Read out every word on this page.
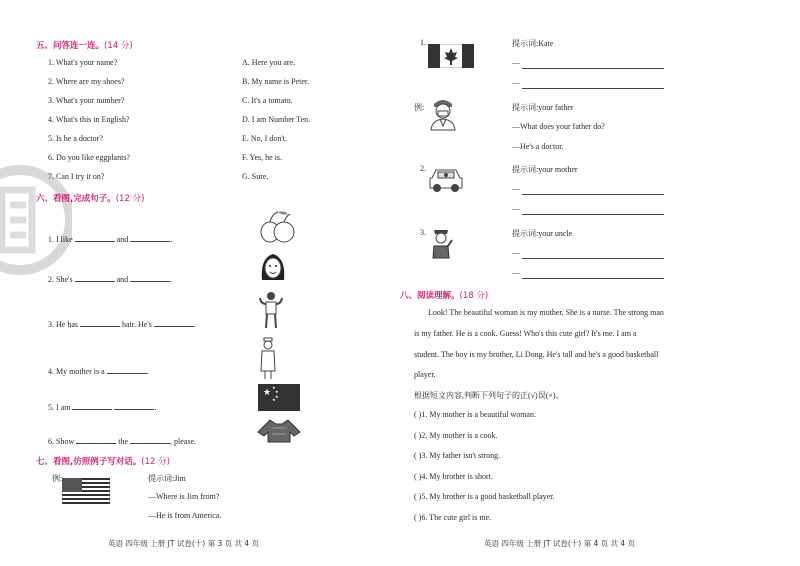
五、问答连一连。(14 分)
1. What's your name?
2. Where are my shoes?
3. What's your number?
4. What's this in English?
5. Is he a doctor?
6. Do you like eggplants?
7. Can I try it on?
A. Here you are.
B. My name is Peter.
C. It's a tomato.
D. I am Number Ten.
E. No, I don't.
F. Yes, he is.
G. Sure.
六、看图,完成句子。(12 分)
1. I like	and	.
2. She's	and	.
3. He has	hair. He's	.
4. My mother is a	.
5. I am	.
6. Show	the	, please.
★
★
★
★
★
七、看图,仿照例子写对话。(12 分)
例:	提示词:Jim
—Where is Jim from?
—He is from America.
英语 四年级 上册 JT 试卷(十) 第 3 页 共 4 页
1.	提示词:Kate
—
—
例:	提示词:your father
—What does your father do?
—He's a doctor.
2.	提示词:your mother
—
—
3.	提示词:your uncle
—
—
八、阅读理解。(18 分)
Look! The beautiful woman is my mother. She is a nurse. The strong man
is my father. He is a cook. Guess! Who's this cute girl? It's me. I am a
student. The boy is my brother, Li Dong. He's tall and he's a good basketball
player.
根据短文内容,判断下列句子的正(√)误(×)。
( )1. My mother is a beautiful woman.
( )2. My mother is a cook.
( )3. My father isn't strong.
( )4. My brother is short.
( )5. My brother is a good basketball player.
( )6. The cute girl is me.
英语 四年级 上册 JT 试卷(十) 第 4 页 共 4 页
